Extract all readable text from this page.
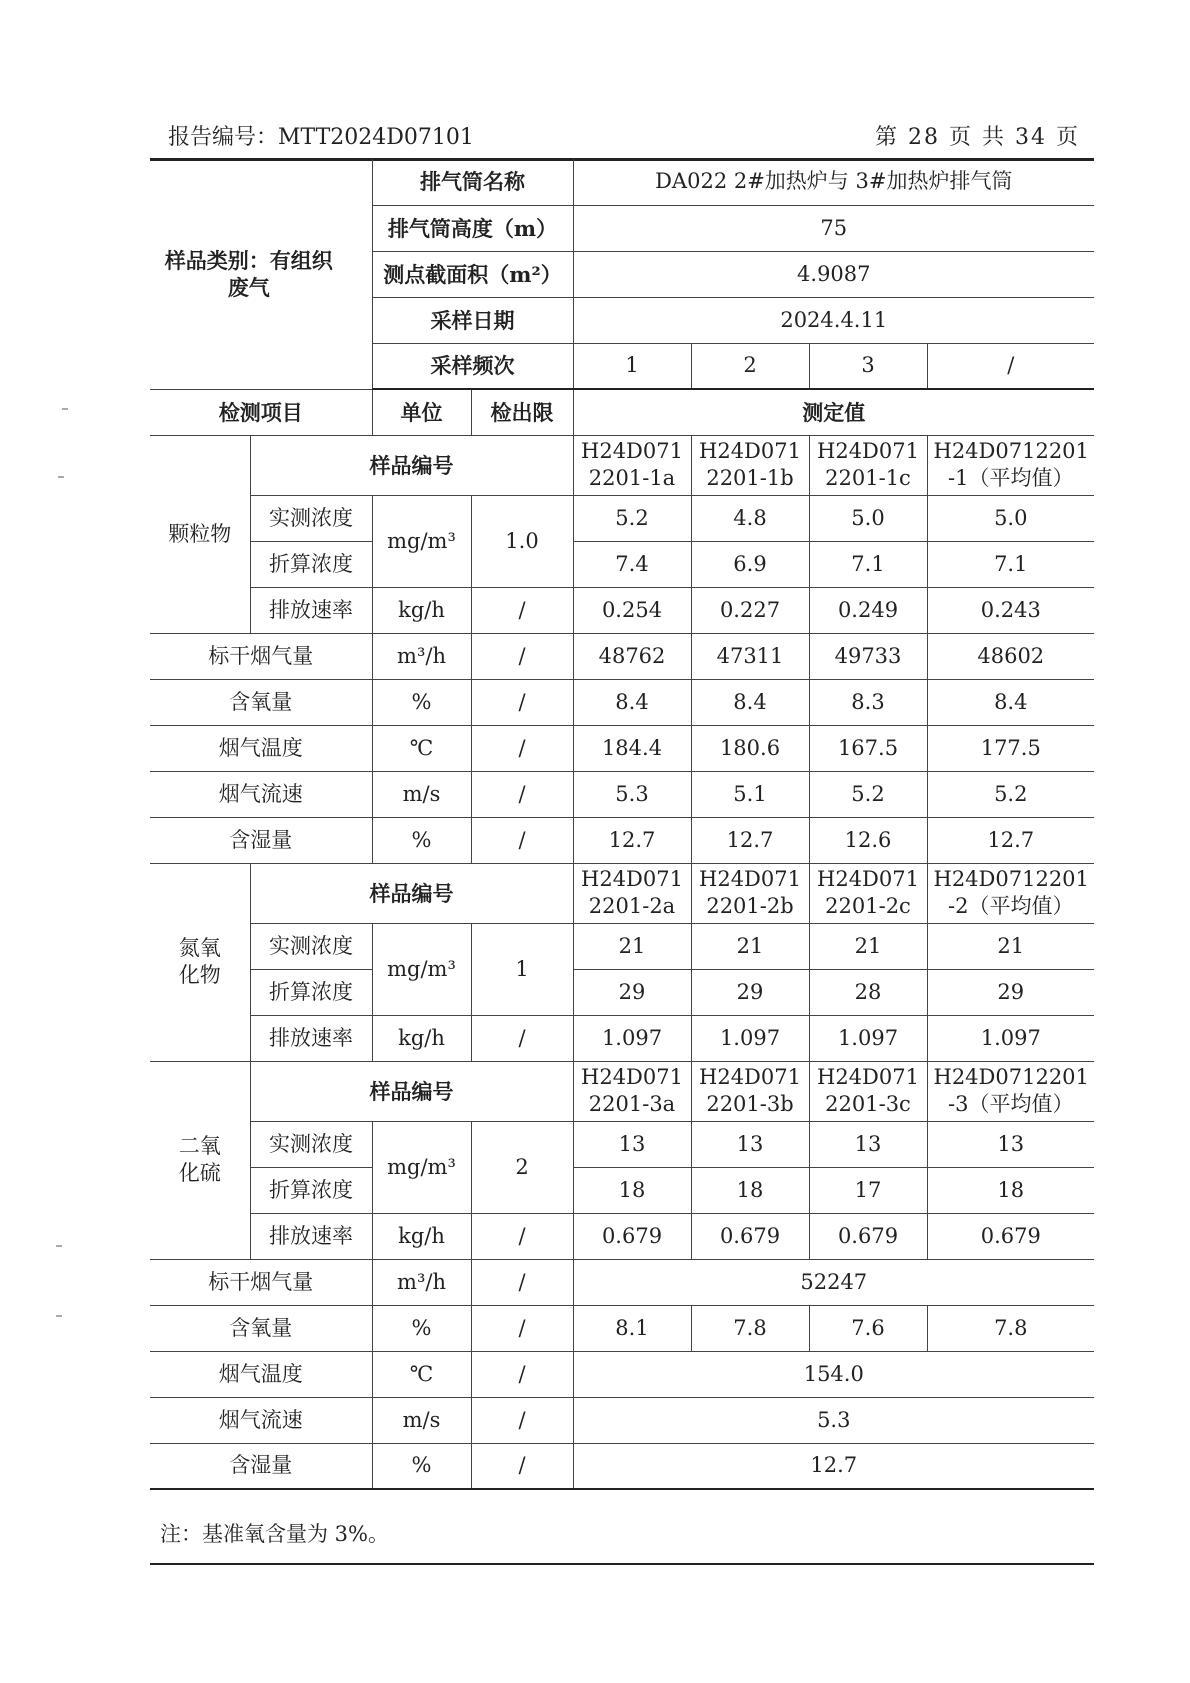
报告编号：MTT2024D07101	第 28 页 共 34 页
样品类别：有组织废气		排气筒名称		DA022 2#加热炉与 3#加热炉排气筒			
		排气筒高度（m）		75			
		测点截面积（m²）		4.9087			
		采样日期		2024.4.11			
		采样频次		1	2	3	/
检测项目		单位	检出限	测定值			

颗粒物	样品编号			H24D071 2201-1a	H24D071 2201-1b	H24D071 2201-1c	H24D0712201 -1（平均值）

	实测浓度	mg/m³	1.0	5.2	4.8	5.0	5.0
	折算浓度			7.4	6.9	7.1	7.1
	排放速率	kg/h	/	0.254	0.227	0.249	0.243
标干烟气量		m³/h	/	48762	47311	49733	48602
含氧量		%	/	8.4	8.4	8.3	8.4
烟气温度		℃	/	184.4	180.6	167.5	177.5
烟气流速		m/s	/	5.3	5.1	5.2	5.2
含湿量		%	/	12.7	12.7	12.6	12.7

氮氧化物	样品编号			H24D071 2201-2a	H24D071 2201-2b	H24D071 2201-2c	H24D0712201 -2（平均值）

	实测浓度	mg/m³	1	21	21	21	21
	折算浓度			29	29	28	29
	排放速率	kg/h	/	1.097	1.097	1.097	1.097

二氧化硫	样品编号			H24D071 2201-3a	H24D071 2201-3b	H24D071 2201-3c	H24D0712201 -3（平均值）

	实测浓度	mg/m³	2	13	13	13	13
	折算浓度			18	18	17	18
	排放速率	kg/h	/	0.679	0.679	0.679	0.679
标干烟气量		m³/h	/	52247			
含氧量		%	/	8.1	7.8	7.6	7.8
烟气温度		℃	/	154.0			
烟气流速		m/s	/	5.3			
含湿量		%	/	12.7			
注：基准氧含量为 3%。
